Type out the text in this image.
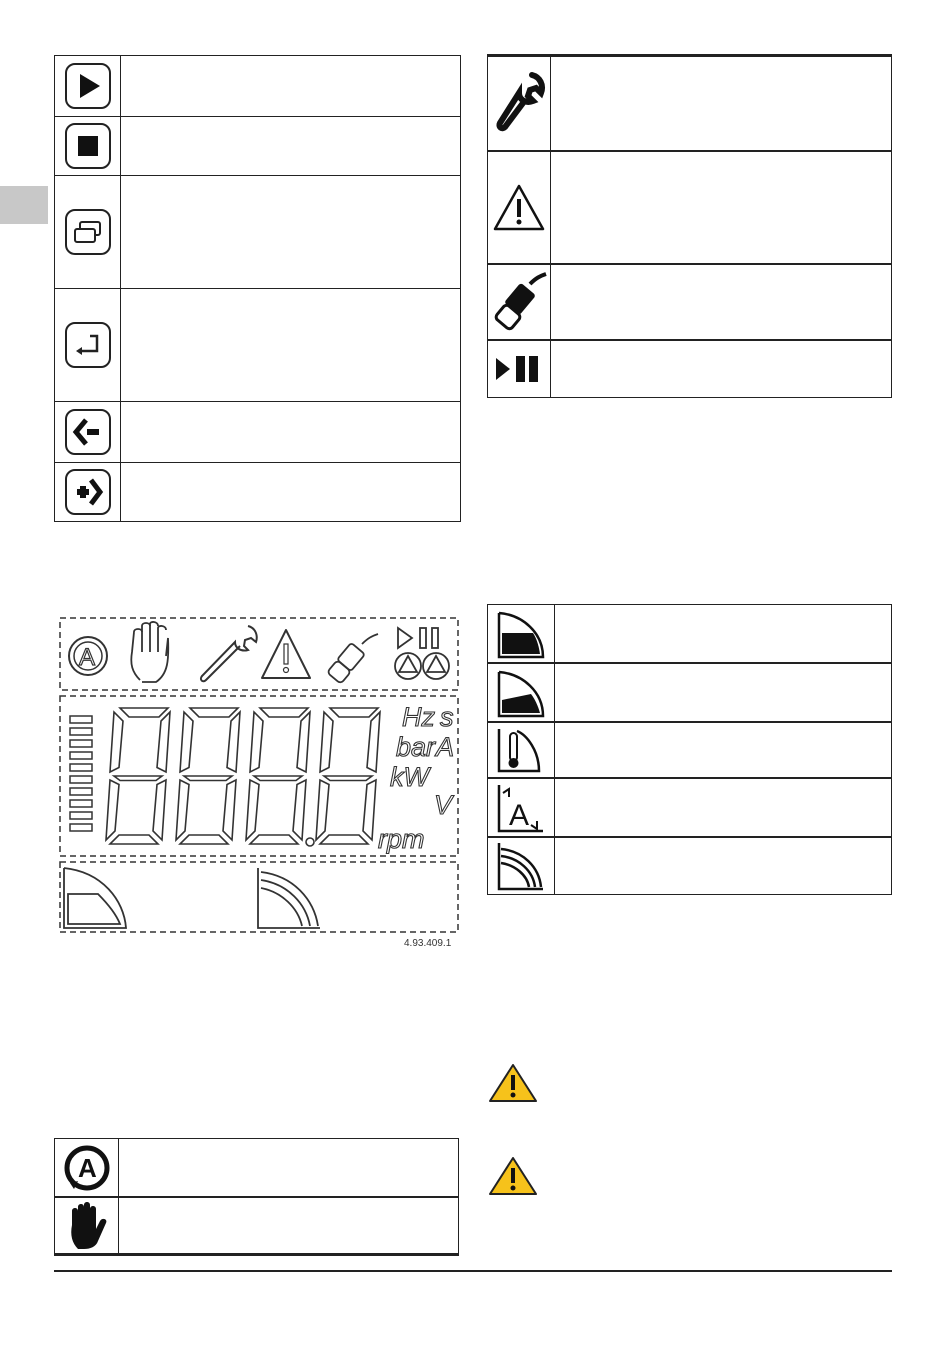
A
A
Hz s
bar A
kW
V
rpm
4.93.409.1
A
